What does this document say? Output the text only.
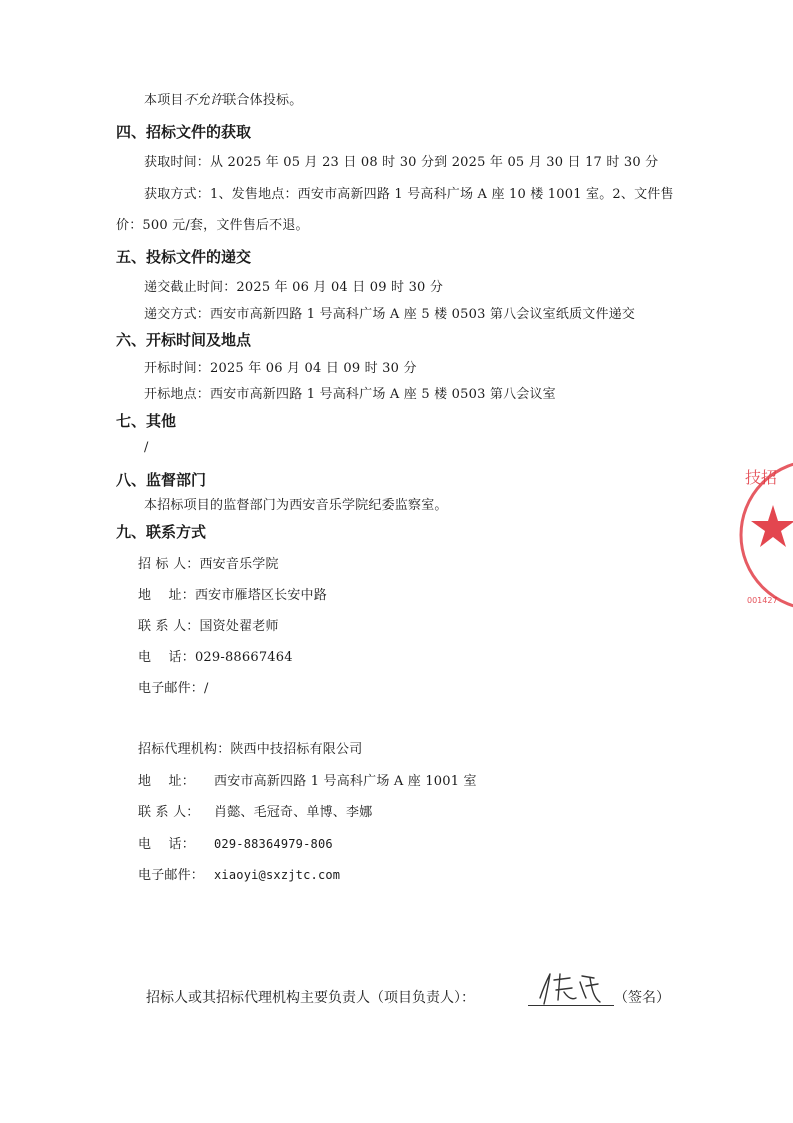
本项目不允许联合体投标。
四、招标文件的获取
获取时间：从 2025 年 05 月 23 日 08 时 30 分到 2025 年 05 月 30 日 17 时 30 分
获取方式：1、发售地点：西安市高新四路 1 号高科广场 A 座 10 楼 1001 室。2、文件售
价：500 元/套，文件售后不退。
五、投标文件的递交
递交截止时间：2025 年 06 月 04 日 09 时 30 分
递交方式：西安市高新四路 1 号高科广场 A 座 5 楼 0503 第八会议室纸质文件递交
六、开标时间及地点
开标时间：2025 年 06 月 04 日 09 时 30 分
开标地点：西安市高新四路 1 号高科广场 A 座 5 楼 0503 第八会议室
七、其他
/
八、监督部门
本招标项目的监督部门为西安音乐学院纪委监察室。
九、联系方式
招 标 人：西安音乐学院
地    址：西安市雁塔区长安中路
联 系 人：国资处翟老师
电    话：029-88667464
电子邮件：/
招标代理机构：陕西中技招标有限公司
地    址： 西安市高新四路 1 号高科广场 A 座 1001 室
联 系 人： 肖懿、毛冠奇、单博、李娜
电    话： 029-88364979-806
电子邮件： xiaoyi@sxzjtc.com
招标人或其招标代理机构主要负责人（项目负责人）：	（签名）
技招
001427
